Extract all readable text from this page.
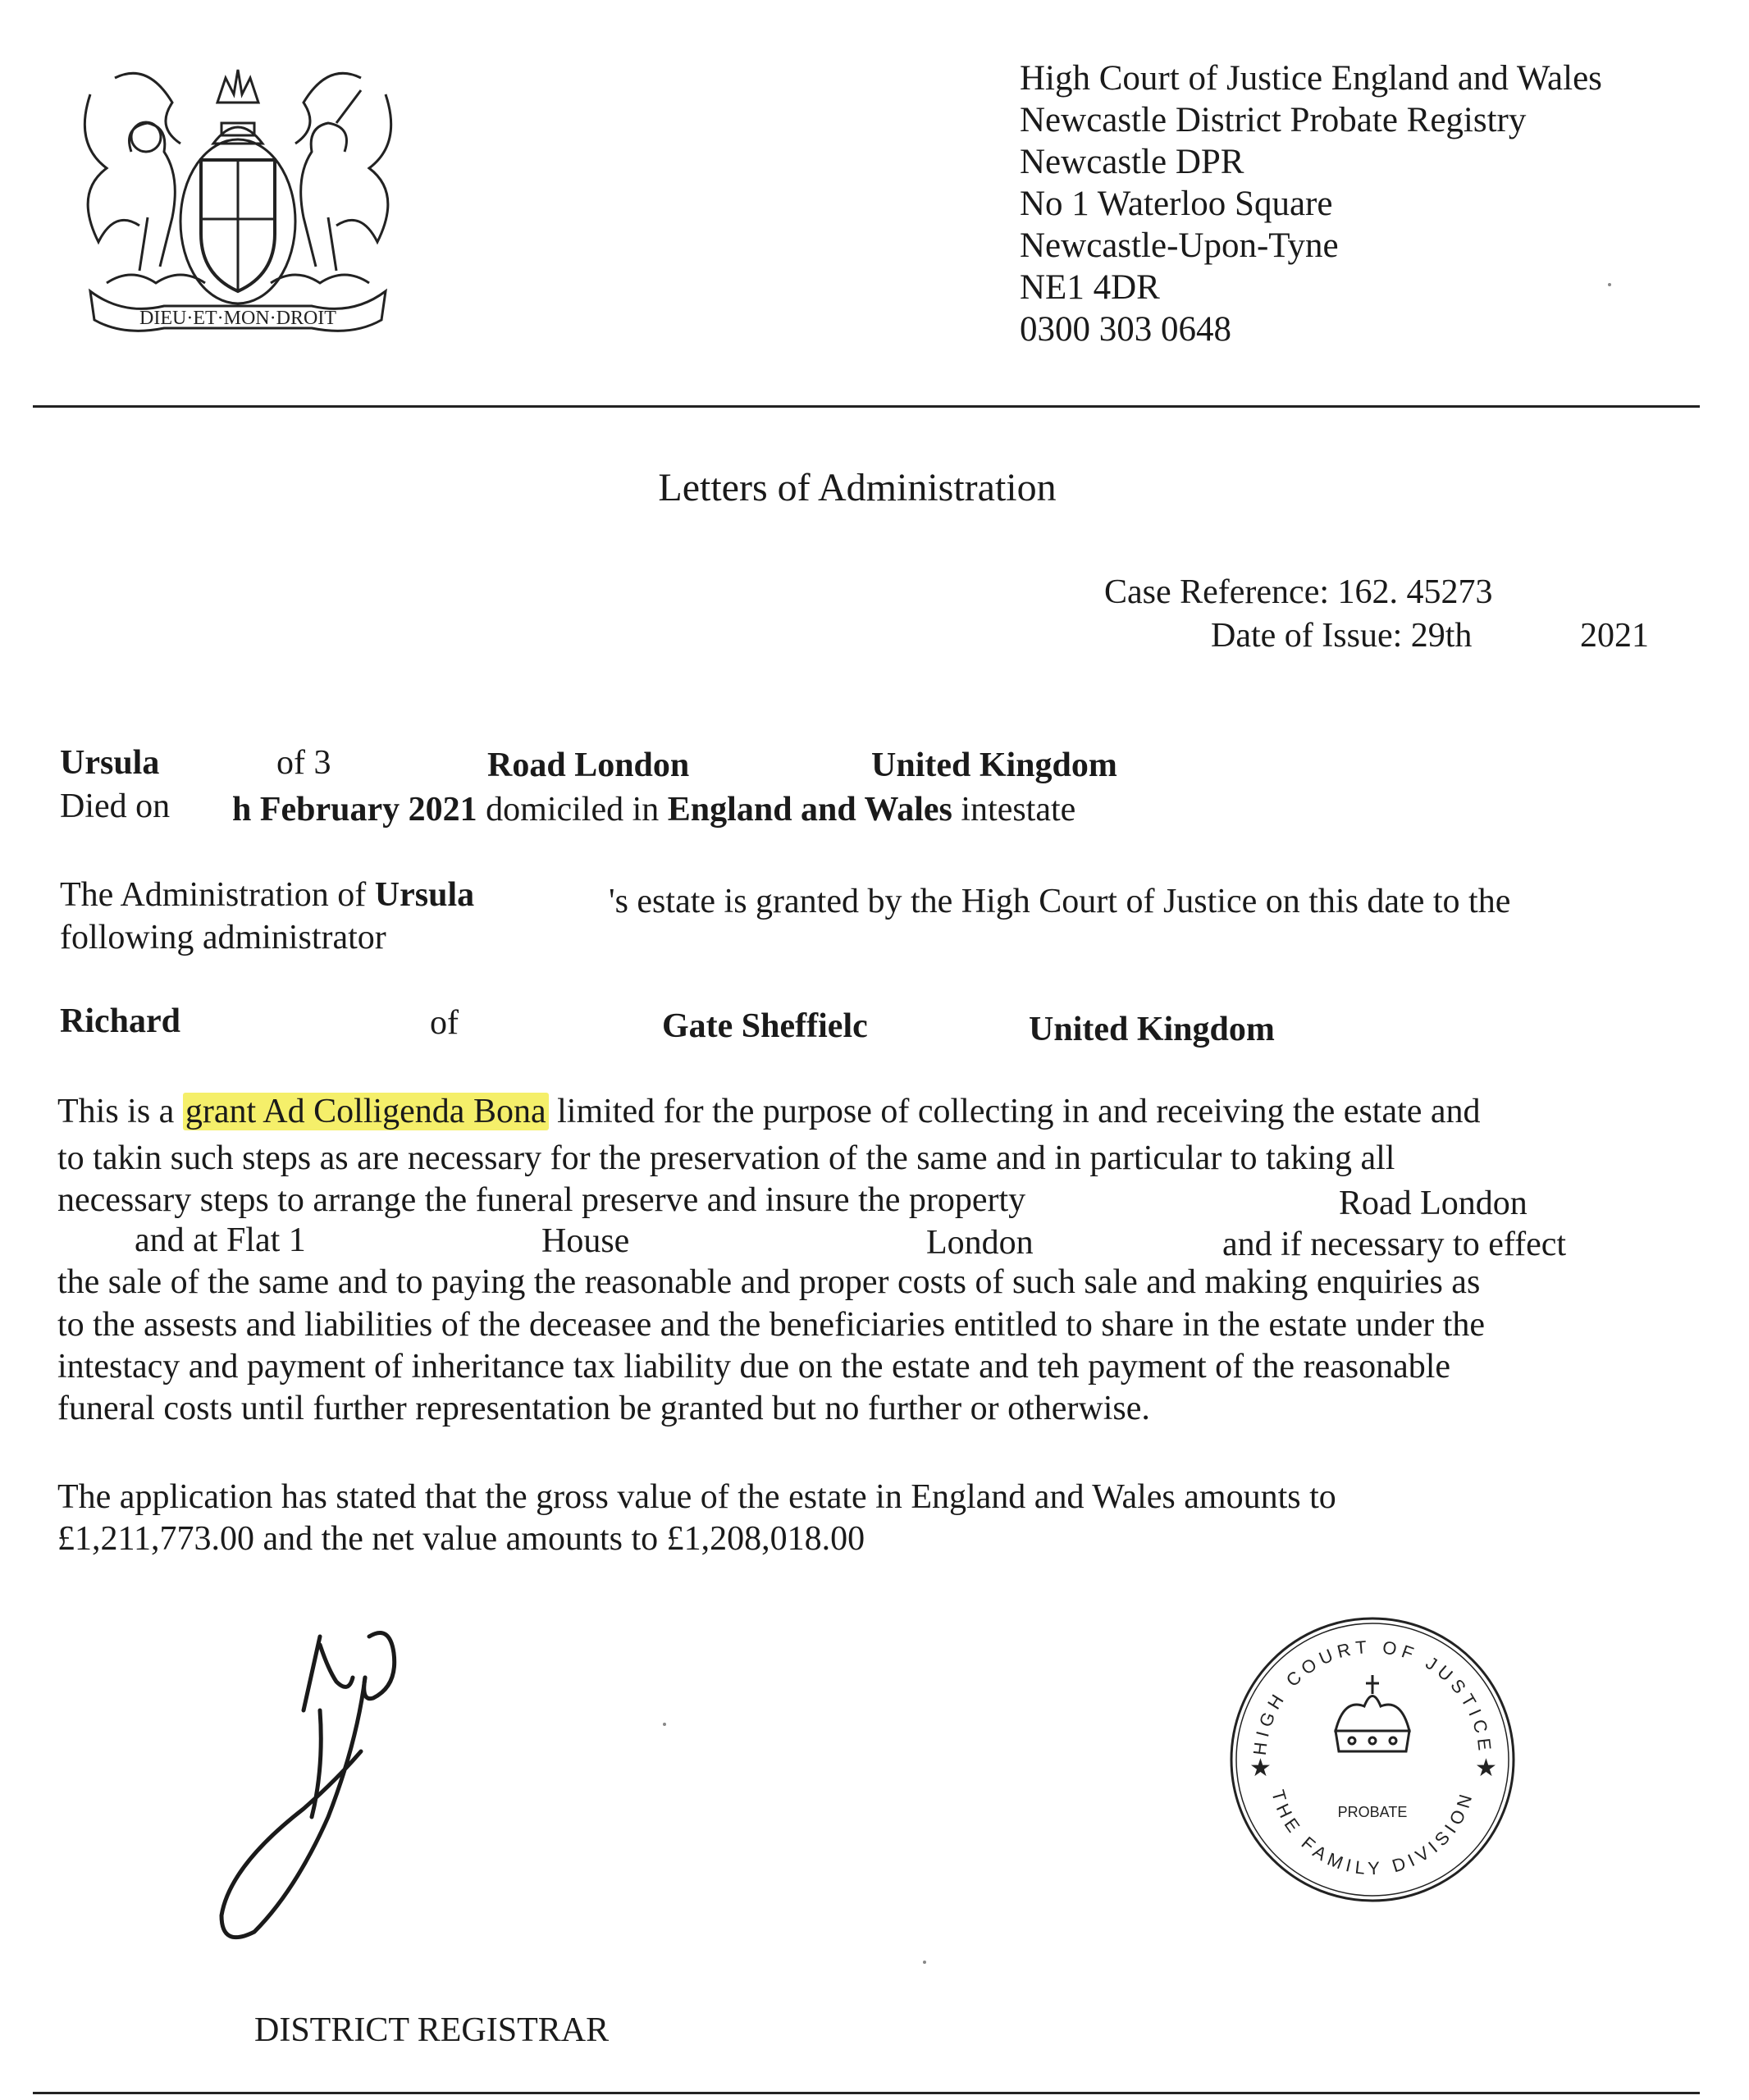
DIEU·ET·MON·DROIT
High Court of Justice England and Wales
Newcastle District Probate Registry
Newcastle DPR
No 1 Waterloo Square
Newcastle-Upon-Tyne
NE1 4DR
0300 303 0648
Letters of Administration
Case Reference: 162. 45273
Date of Issue: 29th	2021
Ursula	of 3	Road London	United Kingdom
Died on h February 2021 domiciled in England and Wales intestate
The Administration of Ursula	's estate is granted by the High Court of Justice on this date to the
following administrator
Richard	of	Gate Sheffielc	United Kingdom
This is a grant Ad Colligenda Bona limited for the purpose of collecting in and receiving the estate and
to takin such steps as are necessary for the preservation of the same and in particular to taking all
necessary steps to arrange the funeral preserve and insure the property	Road London
and at Flat 1	House	London	and if necessary to effect
the sale of the same and to paying the reasonable and proper costs of such sale and making enquiries as
to the assests and liabilities of the deceasee and the beneficiaries entitled to share in the estate under the
intestacy and payment of inheritance tax liability due on the estate and teh payment of the reasonable
funeral costs until further representation be granted but no further or otherwise.
The application has stated that the gross value of the estate in England and Wales amounts to
£1,211,773.00 and the net value amounts to £1,208,018.00
DISTRICT REGISTRAR
HIGH COURT OF JUSTICE
THE FAMILY DIVISION
★	★
PROBATE
